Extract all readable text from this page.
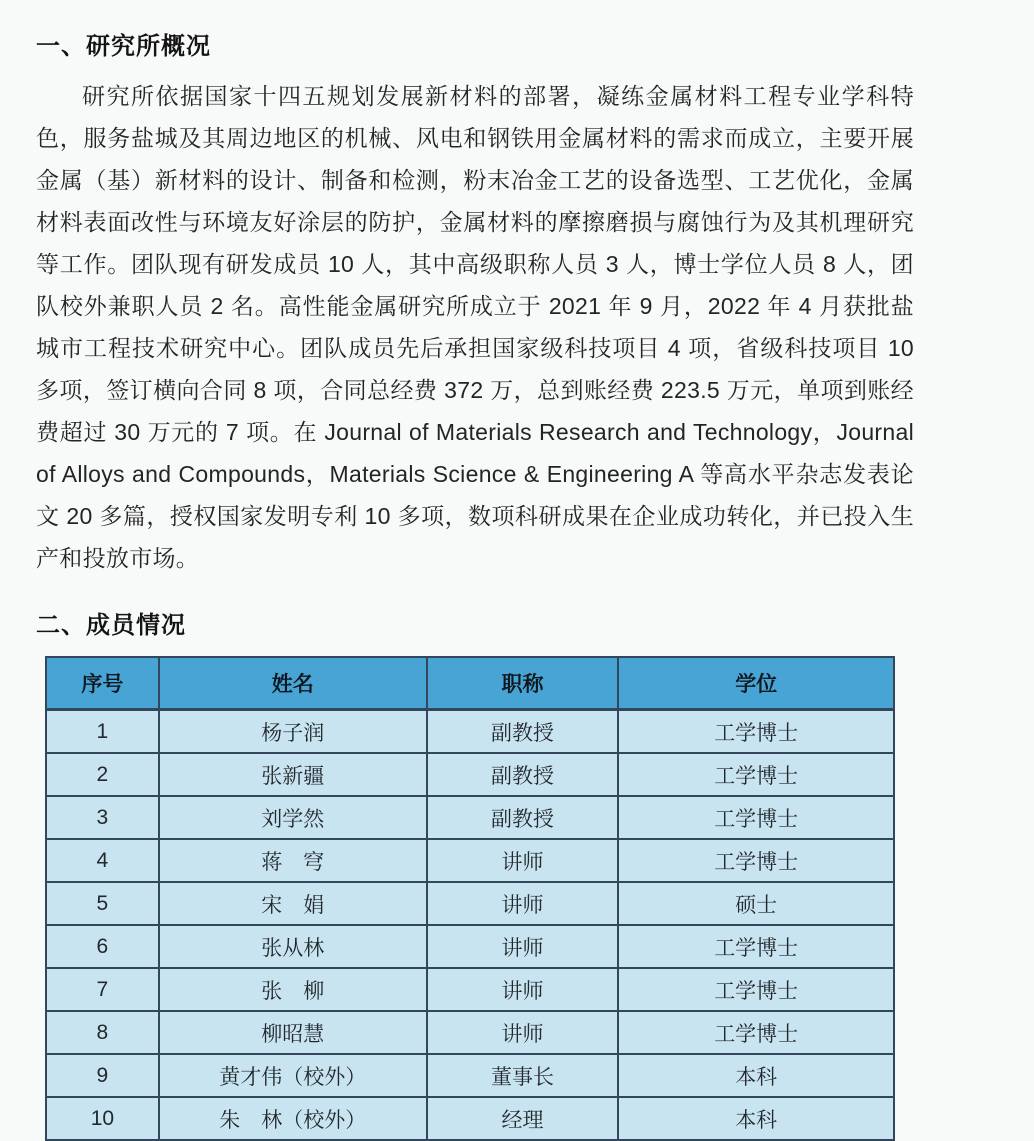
一、研究所概况

研究所依据国家十四五规划发展新材料的部署，凝练金属材料工程专业学科特色，服务盐城及其周边地区的机械、风电和钢铁用金属材料的需求而成立，主要开展金属（基）新材料的设计、制备和检测，粉末冶金工艺的设备选型、工艺优化，金属材料表面改性与环境友好涂层的防护，金属材料的摩擦磨损与腐蚀行为及其机理研究等工作。团队现有研发成员 10 人，其中高级职称人员 3 人，博士学位人员 8 人，团队校外兼职人员 2 名。高性能金属研究所成立于 2021 年 9 月，2022 年 4 月获批盐城市工程技术研究中心。团队成员先后承担国家级科技项目 4 项，省级科技项目 10 多项，签订横向合同 8 项，合同总经费 372 万，总到账经费 223.5 万元，单项到账经费超过 30 万元的 7 项。在 Journal of Materials Research and Technology，Journal of Alloys and Compounds，Materials Science & Engineering A 等高水平杂志发表论文 20 多篇，授权国家发明专利 10 多项，数项科研成果在企业成功转化，并已投入生产和投放市场。

二、成员情况
序号	姓名	职称	学位
1	杨子润	副教授	工学博士
2	张新疆	副教授	工学博士
3	刘学然	副教授	工学博士
4	蒋　穹	讲师	工学博士
5	宋　娟	讲师	硕士
6	张从林	讲师	工学博士
7	张　柳	讲师	工学博士
8	柳昭慧	讲师	工学博士
9	黄才伟（校外）	董事长	本科
10	朱　林（校外）	经理	本科
